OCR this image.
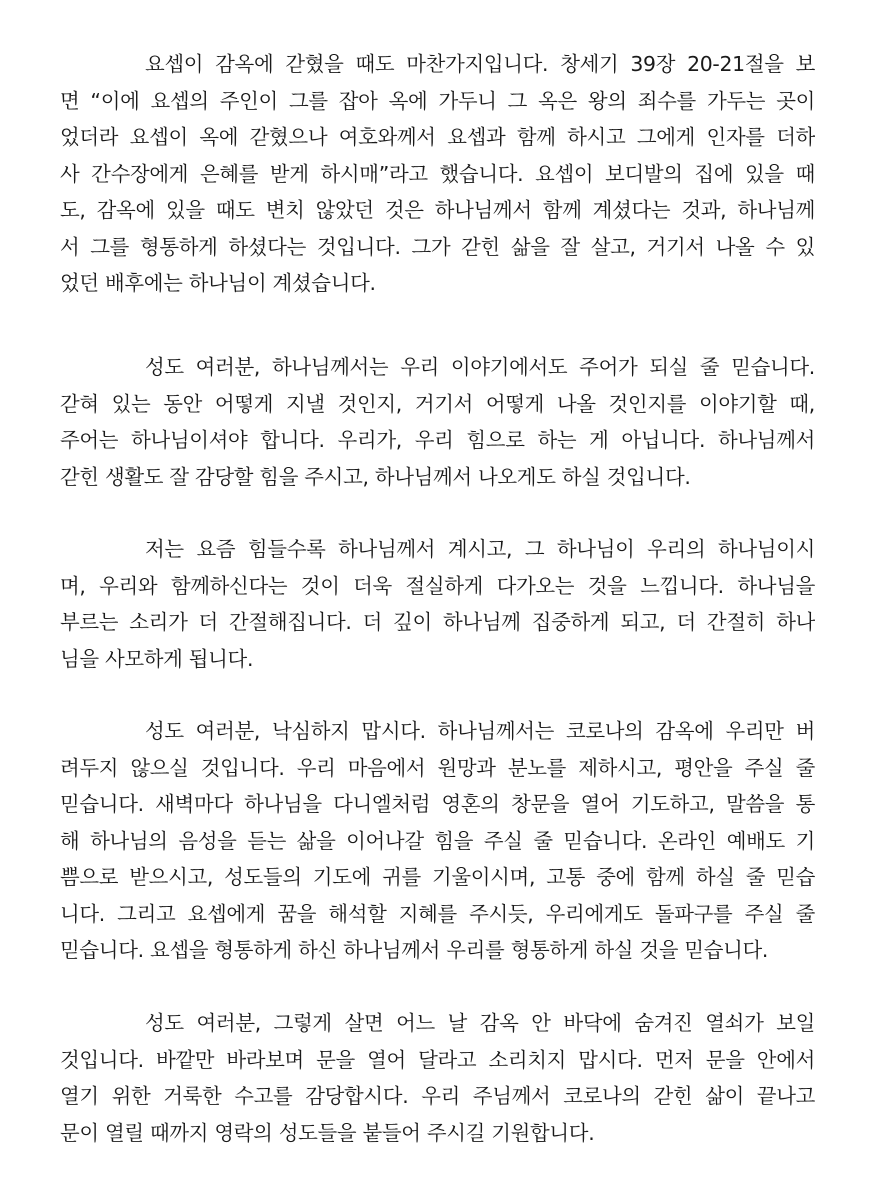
요셉이 감옥에 갇혔을 때도 마찬가지입니다. 창세기 39장 20-21절을 보
면 “이에 요셉의 주인이 그를 잡아 옥에 가두니 그 옥은 왕의 죄수를 가두는 곳이
었더라 요셉이 옥에 갇혔으나 여호와께서 요셉과 함께 하시고 그에게 인자를 더하
사 간수장에게 은혜를 받게 하시매”라고 했습니다. 요셉이 보디발의 집에 있을 때
도, 감옥에 있을 때도 변치 않았던 것은 하나님께서 함께 계셨다는 것과, 하나님께
서 그를 형통하게 하셨다는 것입니다. 그가 갇힌 삶을 잘 살고, 거기서 나올 수 있
었던 배후에는 하나님이 계셨습니다.
성도 여러분, 하나님께서는 우리 이야기에서도 주어가 되실 줄 믿습니다.
갇혀 있는 동안 어떻게 지낼 것인지, 거기서 어떻게 나올 것인지를 이야기할 때,
주어는 하나님이셔야 합니다. 우리가, 우리 힘으로 하는 게 아닙니다. 하나님께서
갇힌 생활도 잘 감당할 힘을 주시고, 하나님께서 나오게도 하실 것입니다.
저는 요즘 힘들수록 하나님께서 계시고, 그 하나님이 우리의 하나님이시
며, 우리와 함께하신다는 것이 더욱 절실하게 다가오는 것을 느낍니다. 하나님을
부르는 소리가 더 간절해집니다. 더 깊이 하나님께 집중하게 되고, 더 간절히 하나
님을 사모하게 됩니다.
성도 여러분, 낙심하지 맙시다. 하나님께서는 코로나의 감옥에 우리만 버
려두지 않으실 것입니다. 우리 마음에서 원망과 분노를 제하시고, 평안을 주실 줄
믿습니다. 새벽마다 하나님을 다니엘처럼 영혼의 창문을 열어 기도하고, 말씀을 통
해 하나님의 음성을 듣는 삶을 이어나갈 힘을 주실 줄 믿습니다. 온라인 예배도 기
쁨으로 받으시고, 성도들의 기도에 귀를 기울이시며, 고통 중에 함께 하실 줄 믿습
니다. 그리고 요셉에게 꿈을 해석할 지혜를 주시듯, 우리에게도 돌파구를 주실 줄
믿습니다. 요셉을 형통하게 하신 하나님께서 우리를 형통하게 하실 것을 믿습니다.
성도 여러분, 그렇게 살면 어느 날 감옥 안 바닥에 숨겨진 열쇠가 보일
것입니다. 바깥만 바라보며 문을 열어 달라고 소리치지 맙시다. 먼저 문을 안에서
열기 위한 거룩한 수고를 감당합시다. 우리 주님께서 코로나의 갇힌 삶이 끝나고
문이 열릴 때까지 영락의 성도들을 붙들어 주시길 기원합니다.
